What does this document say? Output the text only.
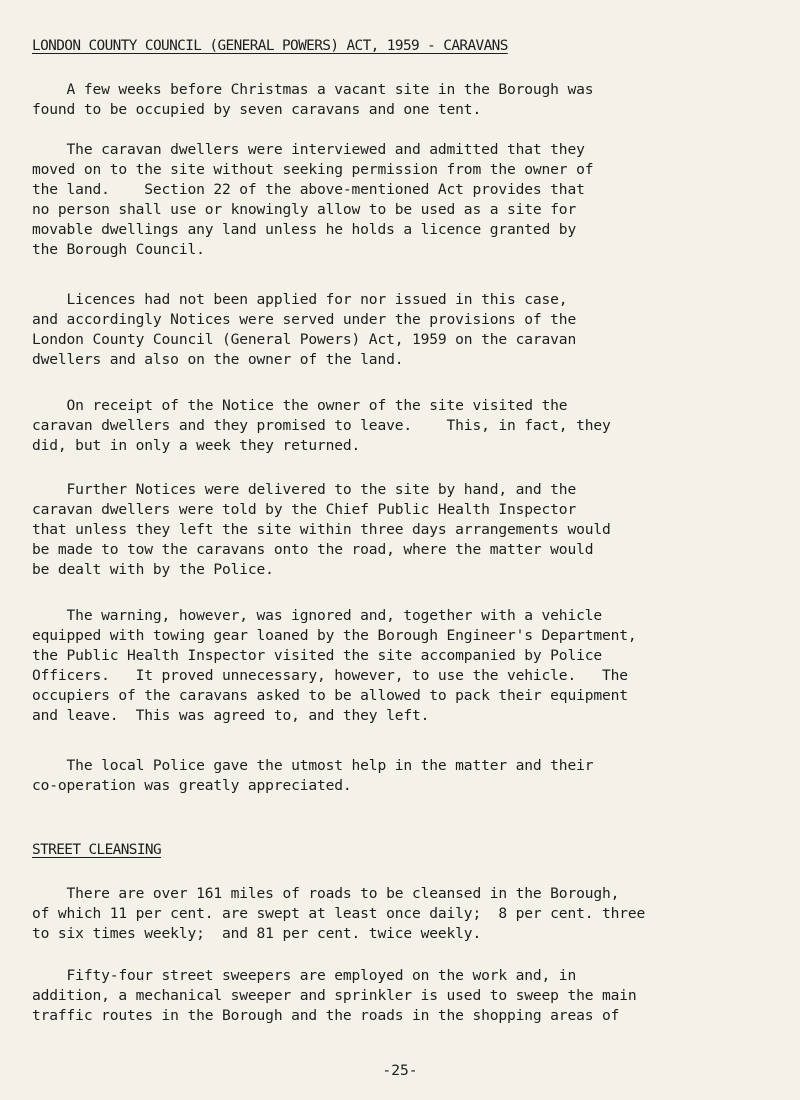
LONDON COUNTY COUNCIL (GENERAL POWERS) ACT, 1959 - CARAVANS
A few weeks before Christmas a vacant site in the Borough was
found to be occupied by seven caravans and one tent.
The caravan dwellers were interviewed and admitted that they
moved on to the site without seeking permission from the owner of
the land.    Section 22 of the above-mentioned Act provides that
no person shall use or knowingly allow to be used as a site for
movable dwellings any land unless he holds a licence granted by
the Borough Council.
Licences had not been applied for nor issued in this case,
and accordingly Notices were served under the provisions of the
London County Council (General Powers) Act, 1959 on the caravan
dwellers and also on the owner of the land.
On receipt of the Notice the owner of the site visited the
caravan dwellers and they promised to leave.    This, in fact, they
did, but in only a week they returned.
Further Notices were delivered to the site by hand, and the
caravan dwellers were told by the Chief Public Health Inspector
that unless they left the site within three days arrangements would
be made to tow the caravans onto the road, where the matter would
be dealt with by the Police.
The warning, however, was ignored and, together with a vehicle
equipped with towing gear loaned by the Borough Engineer's Department,
the Public Health Inspector visited the site accompanied by Police
Officers.   It proved unnecessary, however, to use the vehicle.   The
occupiers of the caravans asked to be allowed to pack their equipment
and leave.  This was agreed to, and they left.
The local Police gave the utmost help in the matter and their
co-operation was greatly appreciated.
STREET CLEANSING
There are over 161 miles of roads to be cleansed in the Borough,
of which 11 per cent. are swept at least once daily;  8 per cent. three
to six times weekly;  and 81 per cent. twice weekly.
Fifty-four street sweepers are employed on the work and, in
addition, a mechanical sweeper and sprinkler is used to sweep the main
traffic routes in the Borough and the roads in the shopping areas of
-25-
